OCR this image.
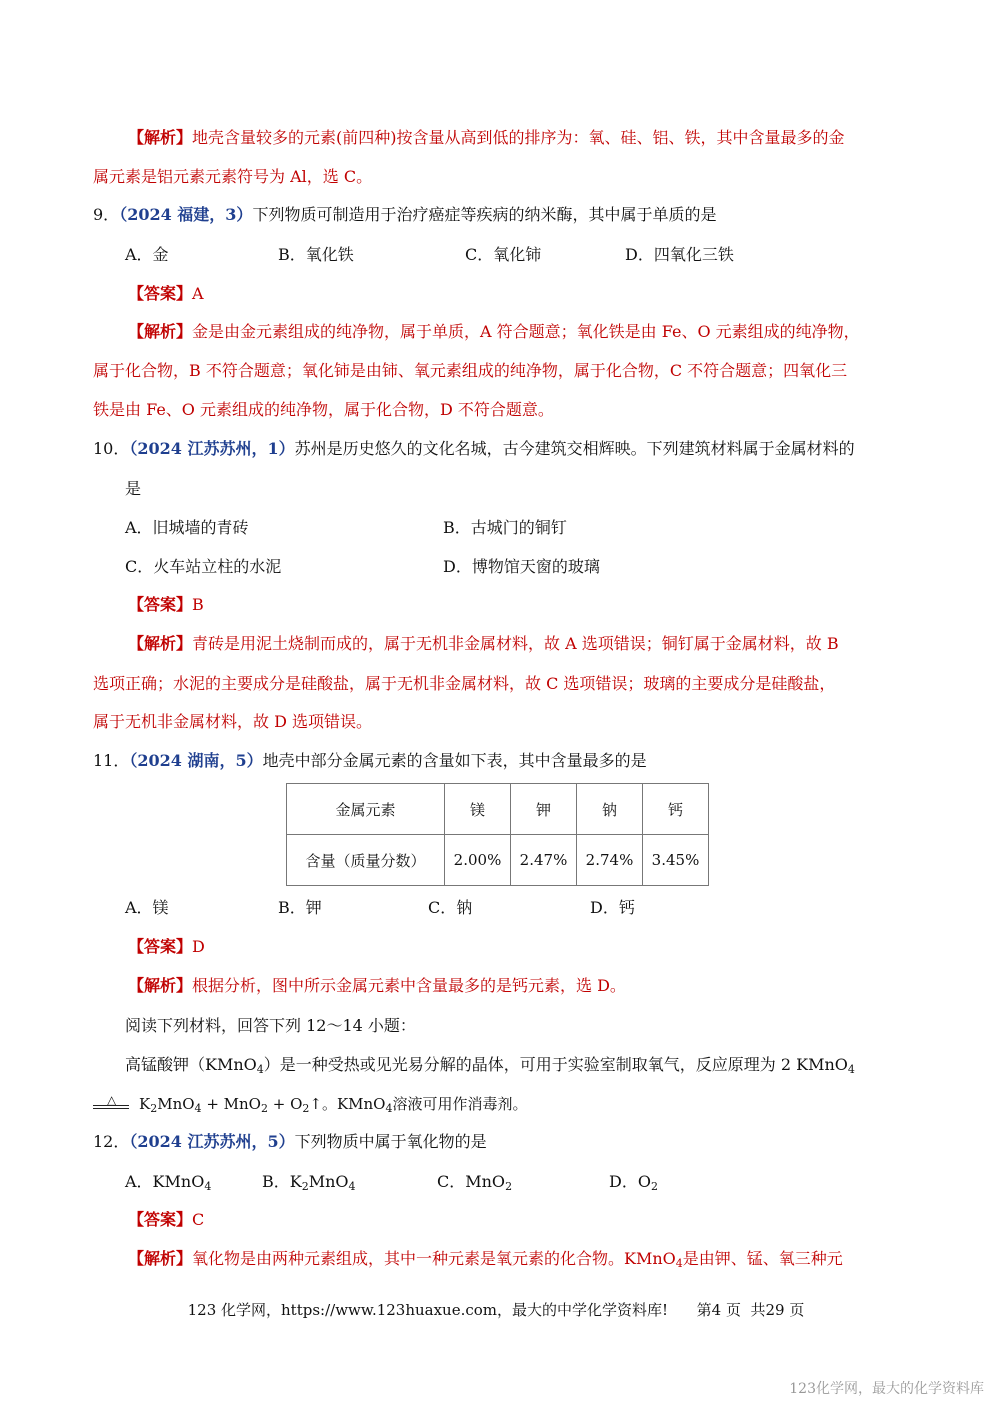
【解析】地壳含量较多的元素(前四种)按含量从高到低的排序为：氧、硅、铝、铁，其中含量最多的金
属元素是铝元素元素符号为 Al，选 C。
9．（2024 福建，3）下列物质可制造用于治疗癌症等疾病的纳米酶，其中属于单质的是
A．金	B．氧化铁	C．氧化铈	D．四氧化三铁
【答案】A
【解析】金是由金元素组成的纯净物，属于单质，A 符合题意；氧化铁是由 Fe、O 元素组成的纯净物，
属于化合物，B 不符合题意；氧化铈是由铈、氧元素组成的纯净物，属于化合物，C 不符合题意；四氧化三
铁是由 Fe、O 元素组成的纯净物，属于化合物，D 不符合题意。
10．（2024 江苏苏州，1）苏州是历史悠久的文化名城，古今建筑交相辉映。下列建筑材料属于金属材料的
是
A．旧城墙的青砖	B．古城门的铜钉
C．火车站立柱的水泥	D．博物馆天窗的玻璃
【答案】B
【解析】青砖是用泥土烧制而成的，属于无机非金属材料，故 A 选项错误；铜钉属于金属材料，故 B
选项正确；水泥的主要成分是硅酸盐，属于无机非金属材料，故 C 选项错误；玻璃的主要成分是硅酸盐，
属于无机非金属材料，故 D 选项错误。
11．（2024 湖南，5）地壳中部分金属元素的含量如下表，其中含量最多的是
金属元素	镁	钾	钠	钙
含量（质量分数）	2.00%	2.47%	2.74%	3.45%
A．镁	B．钾	C．钠	D．钙
【答案】D
【解析】根据分析，图中所示金属元素中含量最多的是钙元素，选 D。
阅读下列材料，回答下列 12～14 小题：
高锰酸钾（KMnO$_4$）是一种受热或见光易分解的晶体，可用于实验室制取氧气，反应原理为 2 KMnO$_4$
△ $K_2MnO_4 + MnO_2$ + $O_2↑$。KMnO$_4$溶液可用作消毒剂。
12．（2024 江苏苏州，5）下列物质中属于氧化物的是
A．KMnO$_4$	B．$K_2MnO_4$	C．MnO$_2$	D．$O_2$
【答案】C
【解析】氧化物是由两种元素组成，其中一种元素是氧元素的化合物。KMnO$_4$是由钾、锰、氧三种元
123 化学网，https://www.123huaxue.com，最大的中学化学资料库!      第4 页  共29 页
123化学网，最大的化学资料库
